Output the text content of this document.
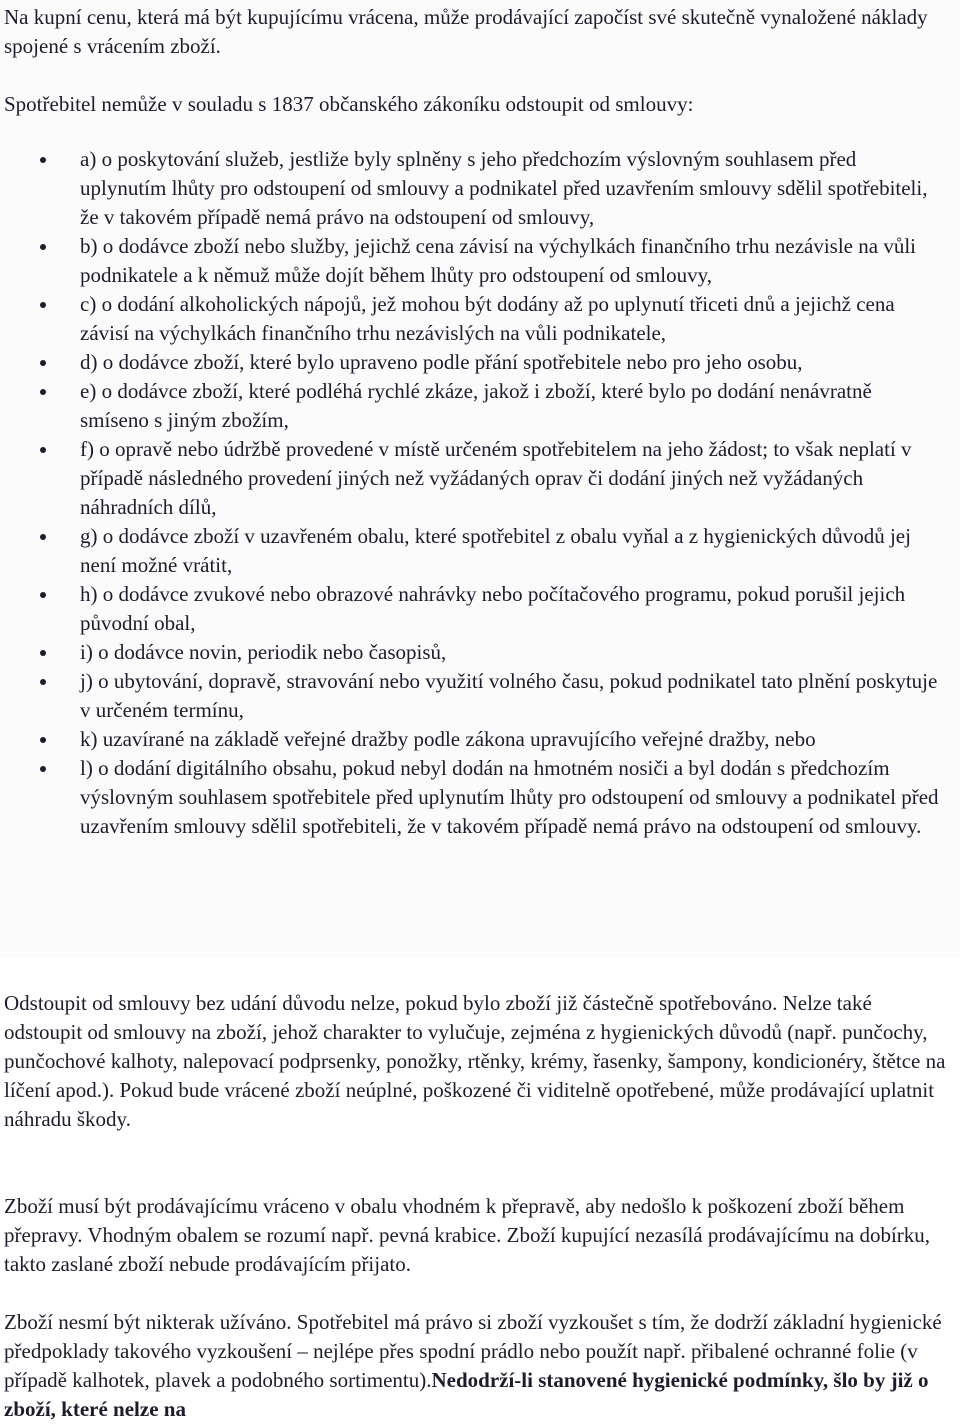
Na kupní cenu, která má být kupujícímu vrácena, může prodávající započíst své skutečně vynaložené náklady spojené s vrácením zboží.

Spotřebitel nemůže v souladu s 1837 občanského zákoníku odstoupit od smlouvy:

a) o poskytování služeb, jestliže byly splněny s jeho předchozím výslovným souhlasem před uplynutím lhůty pro odstoupení od smlouvy a podnikatel před uzavřením smlouvy sdělil spotřebiteli, že v takovém případě nemá právo na odstoupení od smlouvy,
b) o dodávce zboží nebo služby, jejichž cena závisí na výchylkách finančního trhu nezávisle na vůli podnikatele a k němuž může dojít během lhůty pro odstoupení od smlouvy,
c) o dodání alkoholických nápojů, jež mohou být dodány až po uplynutí třiceti dnů a jejichž cena závisí na výchylkách finančního trhu nezávislých na vůli podnikatele,
d) o dodávce zboží, které bylo upraveno podle přání spotřebitele nebo pro jeho osobu,
e) o dodávce zboží, které podléhá rychlé zkáze, jakož i zboží, které bylo po dodání nenávratně smíseno s jiným zbožím,
f) o opravě nebo údržbě provedené v místě určeném spotřebitelem na jeho žádost; to však neplatí v případě následného provedení jiných než vyžádaných oprav či dodání jiných než vyžádaných náhradních dílů,
g) o dodávce zboží v uzavřeném obalu, které spotřebitel z obalu vyňal a z hygienických důvodů jej není možné vrátit,
h) o dodávce zvukové nebo obrazové nahrávky nebo počítačového programu, pokud porušil jejich původní obal,
i) o dodávce novin, periodik nebo časopisů,
j) o ubytování, dopravě, stravování nebo využití volného času, pokud podnikatel tato plnění poskytuje v určeném termínu,
k) uzavírané na základě veřejné dražby podle zákona upravujícího veřejné dražby, nebo
l) o dodání digitálního obsahu, pokud nebyl dodán na hmotném nosiči a byl dodán s předchozím výslovným souhlasem spotřebitele před uplynutím lhůty pro odstoupení od smlouvy a podnikatel před uzavřením smlouvy sdělil spotřebiteli, že v takovém případě nemá právo na odstoupení od smlouvy.

Odstoupit od smlouvy bez udání důvodu nelze, pokud bylo zboží již částečně spotřebováno. Nelze také odstoupit od smlouvy na zboží, jehož charakter to vylučuje, zejména z hygienických důvodů (např. punčochy, punčochové kalhoty, nalepovací podprsenky, ponožky, rtěnky, krémy, řasenky, šampony, kondicionéry, štětce na líčení apod.). Pokud bude vrácené zboží neúplné, poškozené či viditelně opotřebené, může prodávající uplatnit náhradu škody.

Zboží musí být prodávajícímu vráceno v obalu vhodném k přepravě, aby nedošlo k poškození zboží během přepravy. Vhodným obalem se rozumí např. pevná krabice. Zboží kupující nezasílá prodávajícímu na dobírku, takto zaslané zboží nebude prodávajícím přijato.

Zboží nesmí být nikterak užíváno. Spotřebitel má právo si zboží vyzkoušet s tím, že dodrží základní hygienické předpoklady takového vyzkoušení – nejlépe přes spodní prádlo nebo použít např. přibalené ochranné folie (v případě kalhotek, plavek a podobného sortimentu).Nedodrží-li stanovené hygienické podmínky, šlo by již o zboží, které nelze na
